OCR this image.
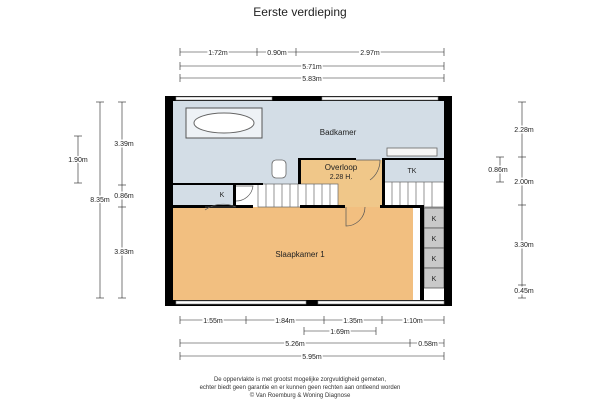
Eerste verdieping
Badkamer
Overloop
2.28 H.
Slaapkamer 1
TK
K
K
K
K
K
1.72m	0.90m	2.97m
5.71m
5.83m
8.35m
1.90m
3.39m
0.86m
3.83m
2.28m
2.00m
3.30m
0.45m
0.86m
1.55m	1.84m	1.35m	1.10m
1.69m
5.26m	0.58m
5.95m
De oppervlakte is met grootst mogelijke zorgvuldigheid gemeten,
echter biedt geen garantie en er kunnen geen rechten aan ontleend worden
© Van Roemburg & Woning Diagnose
